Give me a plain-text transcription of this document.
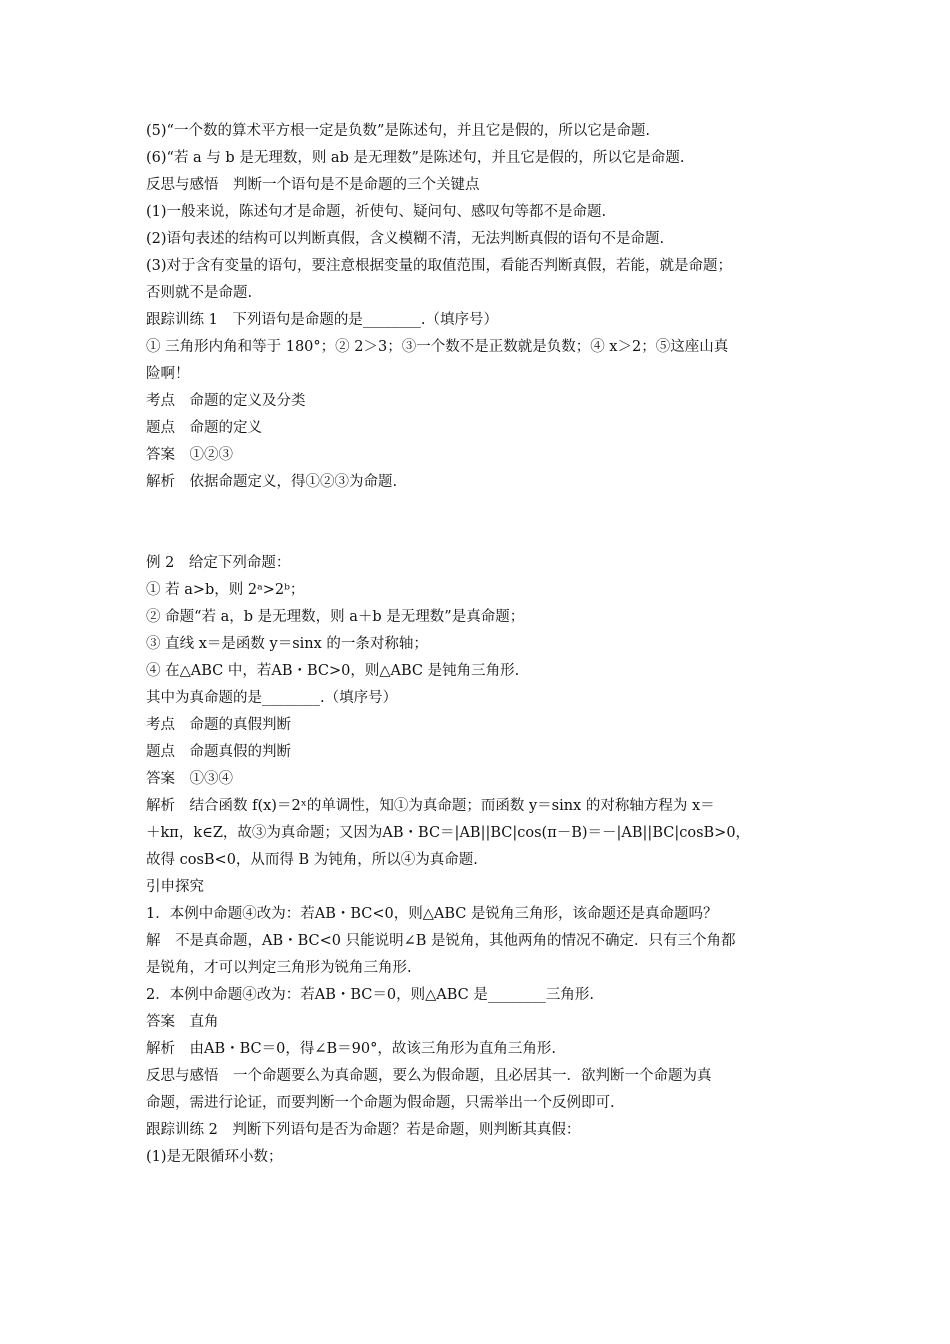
(5)“一个数的算术平方根一定是负数”是陈述句，并且它是假的，所以它是命题.
(6)“若 a 与 b 是无理数，则 ab 是无理数”是陈述句，并且它是假的，所以它是命题.
反思与感悟　判断一个语句是不是命题的三个关键点
(1)一般来说，陈述句才是命题，祈使句、疑问句、感叹句等都不是命题.
(2)语句表述的结构可以判断真假，含义模糊不清，无法判断真假的语句不是命题.
(3)对于含有变量的语句，要注意根据变量的取值范围，看能否判断真假，若能，就是命题；
否则就不是命题.
跟踪训练 1　下列语句是命题的是________.（填序号）
① 三角形内角和等于 180°；② 2＞3；③一个数不是正数就是负数；④ x＞2；⑤这座山真
险啊！
考点　命题的定义及分类
题点　命题的定义
答案　①②③
解析　依据命题定义，得①②③为命题.
例 2　给定下列命题：
① 若 a>b，则 2ᵃ>2ᵇ；
② 命题“若 a，b 是无理数，则 a＋b 是无理数”是真命题；
③ 直线 x＝是函数 y＝sinx 的一条对称轴；
④ 在△ABC 中，若AB・BC>0，则△ABC 是钝角三角形.
其中为真命题的是________.（填序号）
考点　命题的真假判断
题点　命题真假的判断
答案　①③④
解析　结合函数 f(x)＝2ˣ的单调性，知①为真命题；而函数 y＝sinx 的对称轴方程为 x＝
＋kπ，k∈Z，故③为真命题；又因为AB・BC＝|AB||BC|cos(π－B)＝－|AB||BC|cosB>0，
故得 cosB<0，从而得 B 为钝角，所以④为真命题.
引申探究
1．本例中命题④改为：若AB・BC<0，则△ABC 是锐角三角形，该命题还是真命题吗？
解　不是真命题，AB・BC<0 只能说明∠B 是锐角，其他两角的情况不确定．只有三个角都
是锐角，才可以判定三角形为锐角三角形.
2．本例中命题④改为：若AB・BC＝0，则△ABC 是________三角形.
答案　直角
解析　由AB・BC＝0，得∠B＝90°，故该三角形为直角三角形.
反思与感悟　一个命题要么为真命题，要么为假命题，且必居其一．欲判断一个命题为真
命题，需进行论证，而要判断一个命题为假命题，只需举出一个反例即可.
跟踪训练 2　判断下列语句是否为命题？若是命题，则判断其真假：
(1)是无限循环小数；
